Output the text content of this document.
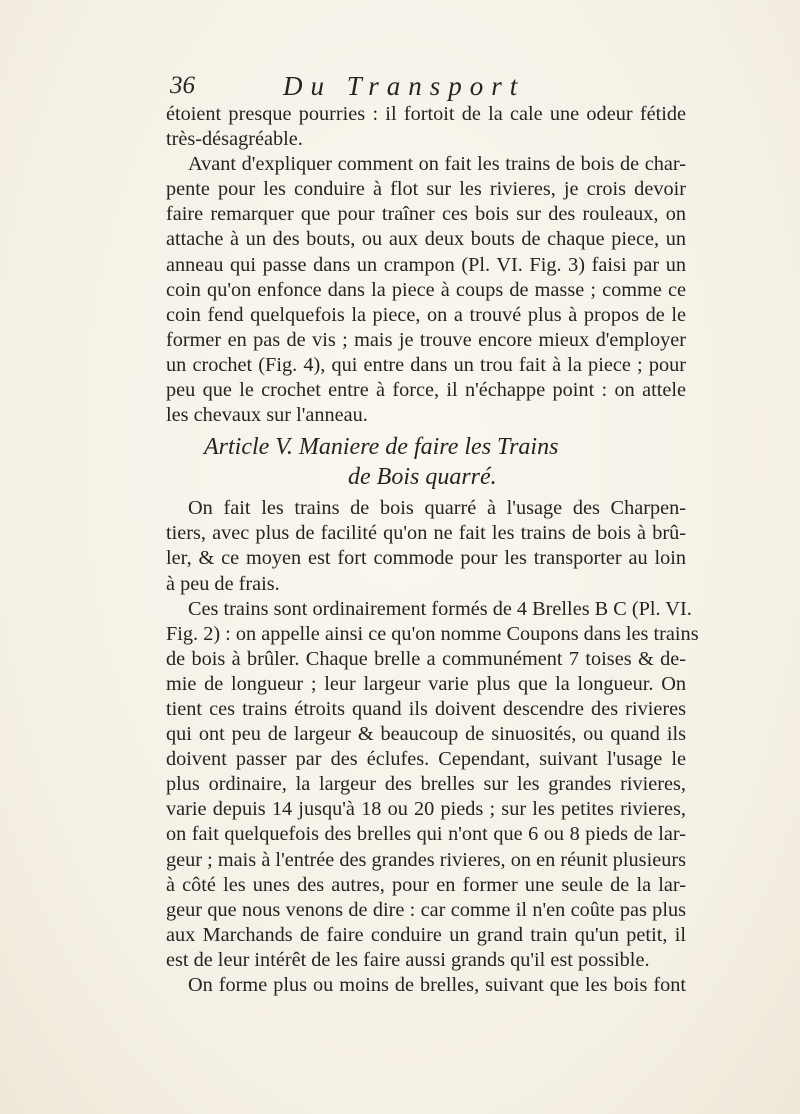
36	Du Transport
étoient presque pourries : il fortoit de la cale une odeur fétide
très-désagréable.
Avant d'expliquer comment on fait les trains de bois de char-
pente pour les conduire à flot sur les rivieres, je crois devoir
faire remarquer que pour traîner ces bois sur des rouleaux, on
attache à un des bouts, ou aux deux bouts de chaque piece, un
anneau qui passe dans un crampon (Pl. VI. Fig. 3) faisi par un
coin qu'on enfonce dans la piece à coups de masse ; comme ce
coin fend quelquefois la piece, on a trouvé plus à propos de le
former en pas de vis ; mais je trouve encore mieux d'employer
un crochet (Fig. 4), qui entre dans un trou fait à la piece ; pour
peu que le crochet entre à force, il n'échappe point : on attele
les chevaux sur l'anneau.
Article V. Maniere de faire les Trains
de Bois quarré.
On fait les trains de bois quarré à l'usage des Charpen-
tiers, avec plus de facilité qu'on ne fait les trains de bois à brû-
ler, & ce moyen est fort commode pour les transporter au loin
à peu de frais.
Ces trains sont ordinairement formés de 4 Brelles B C (Pl. VI.
Fig. 2) : on appelle ainsi ce qu'on nomme Coupons dans les trains
de bois à brûler. Chaque brelle a communément 7 toises & de-
mie de longueur ; leur largeur varie plus que la longueur. On
tient ces trains étroits quand ils doivent descendre des rivieres
qui ont peu de largeur & beaucoup de sinuosités, ou quand ils
doivent passer par des éclufes. Cependant, suivant l'usage le
plus ordinaire, la largeur des brelles sur les grandes rivieres,
varie depuis 14 jusqu'à 18 ou 20 pieds ; sur les petites rivieres,
on fait quelquefois des brelles qui n'ont que 6 ou 8 pieds de lar-
geur ; mais à l'entrée des grandes rivieres, on en réunit plusieurs
à côté les unes des autres, pour en former une seule de la lar-
geur que nous venons de dire : car comme il n'en coûte pas plus
aux Marchands de faire conduire un grand train qu'un petit, il
est de leur intérêt de les faire aussi grands qu'il est possible.
On forme plus ou moins de brelles, suivant que les bois font
